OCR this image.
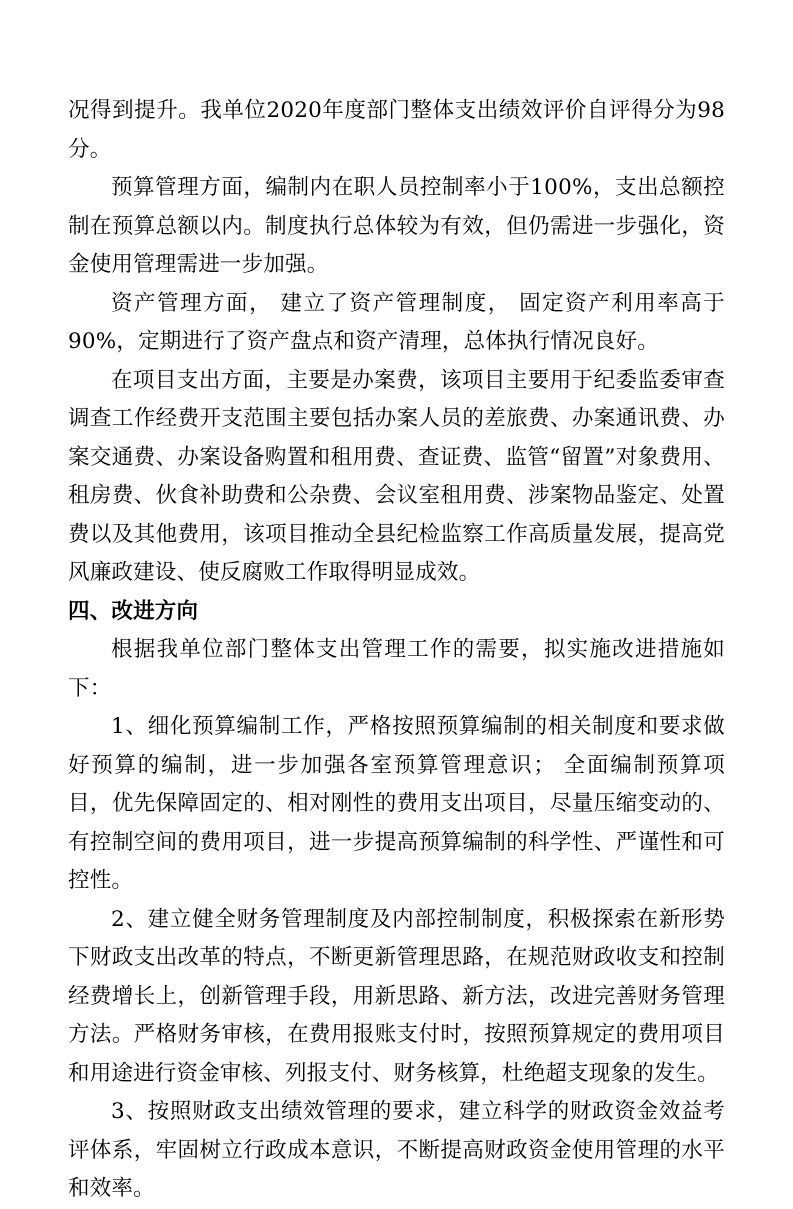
况得到提升。我单位2020年度部门整体支出绩效评价自评得分为98分。

预算管理方面，编制内在职人员控制率小于100%，支出总额控制在预算总额以内。制度执行总体较为有效，但仍需进一步强化，资金使用管理需进一步加强。

资产管理方面， 建立了资产管理制度， 固定资产利用率高于90%，定期进行了资产盘点和资产清理，总体执行情况良好。

在项目支出方面，主要是办案费，该项目主要用于纪委监委审查调查工作经费开支范围主要包括办案人员的差旅费、办案通讯费、办案交通费、办案设备购置和租用费、查证费、监管“留置”对象费用、租房费、伙食补助费和公杂费、会议室租用费、涉案物品鉴定、处置费以及其他费用，该项目推动全县纪检监察工作高质量发展，提高党风廉政建设、使反腐败工作取得明显成效。

四、改进方向

根据我单位部门整体支出管理工作的需要，拟实施改进措施如下：

1、细化预算编制工作，严格按照预算编制的相关制度和要求做好预算的编制，进一步加强各室预算管理意识； 全面编制预算项目，优先保障固定的、相对刚性的费用支出项目，尽量压缩变动的、有控制空间的费用项目，进一步提高预算编制的科学性、严谨性和可控性。

2、建立健全财务管理制度及内部控制制度，积极探索在新形势下财政支出改革的特点，不断更新管理思路，在规范财政收支和控制经费增长上，创新管理手段，用新思路、新方法，改进完善财务管理方法。严格财务审核，在费用报账支付时，按照预算规定的费用项目和用途进行资金审核、列报支付、财务核算，杜绝超支现象的发生。

3、按照财政支出绩效管理的要求，建立科学的财政资金效益考评体系，牢固树立行政成本意识，不断提高财政资金使用管理的水平和效率。
